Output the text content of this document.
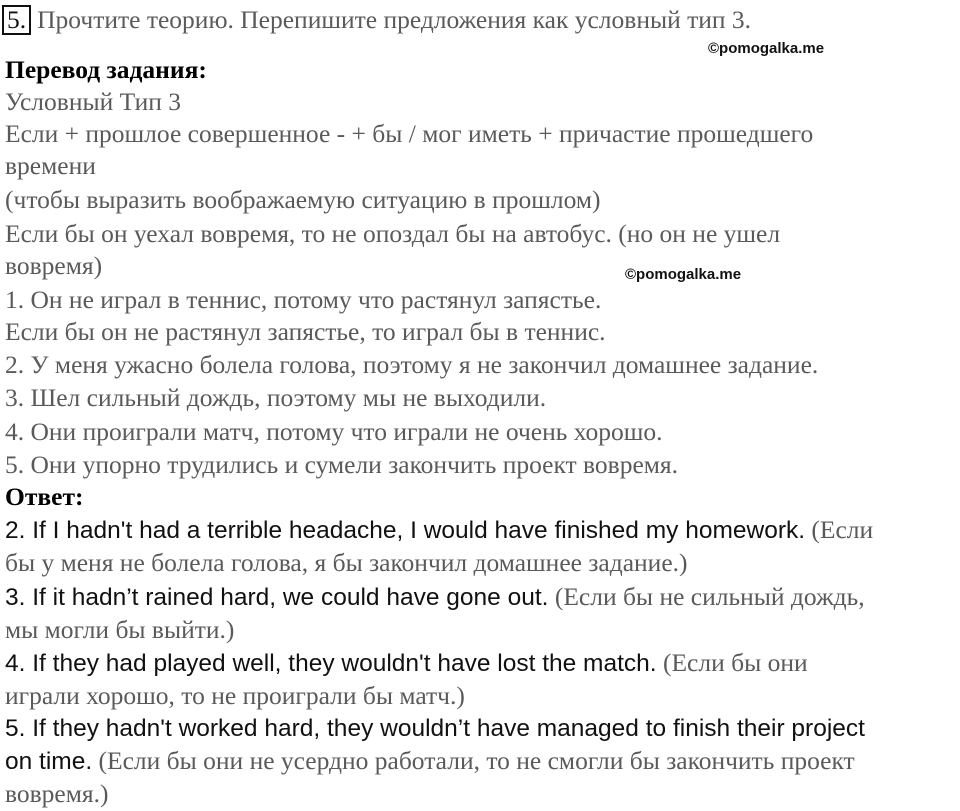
5. Прочтите теорию. Перепишите предложения как условный тип 3.
©pomogalka.me
Перевод задания:
Условный Тип 3
Если + прошлое совершенное - + бы / мог иметь + причастие прошедшего
времени
(чтобы выразить воображаемую ситуацию в прошлом)
Если бы он уехал вовремя, то не опоздал бы на автобус. (но он не ушел
вовремя)	©pomogalka.me
1. Он не играл в теннис, потому что растянул запястье.
Если бы он не растянул запястье, то играл бы в теннис.
2. У меня ужасно болела голова, поэтому я не закончил домашнее задание.
3. Шел сильный дождь, поэтому мы не выходили.
4. Они проиграли матч, потому что играли не очень хорошо.
5. Они упорно трудились и сумели закончить проект вовремя.
Ответ:
2. If I hadn't had a terrible headache, I would have finished my homework. (Если
бы у меня не болела голова, я бы закончил домашнее задание.)
3. If it hadn’t rained hard, we could have gone out. (Если бы не сильный дождь,
мы могли бы выйти.)
4. If they had played well, they wouldn't have lost the match. (Если бы они
играли хорошо, то не проиграли бы матч.)
5. If they hadn't worked hard, they wouldn’t have managed to finish their project
on time. (Если бы они не усердно работали, то не смогли бы закончить проект
вовремя.)
